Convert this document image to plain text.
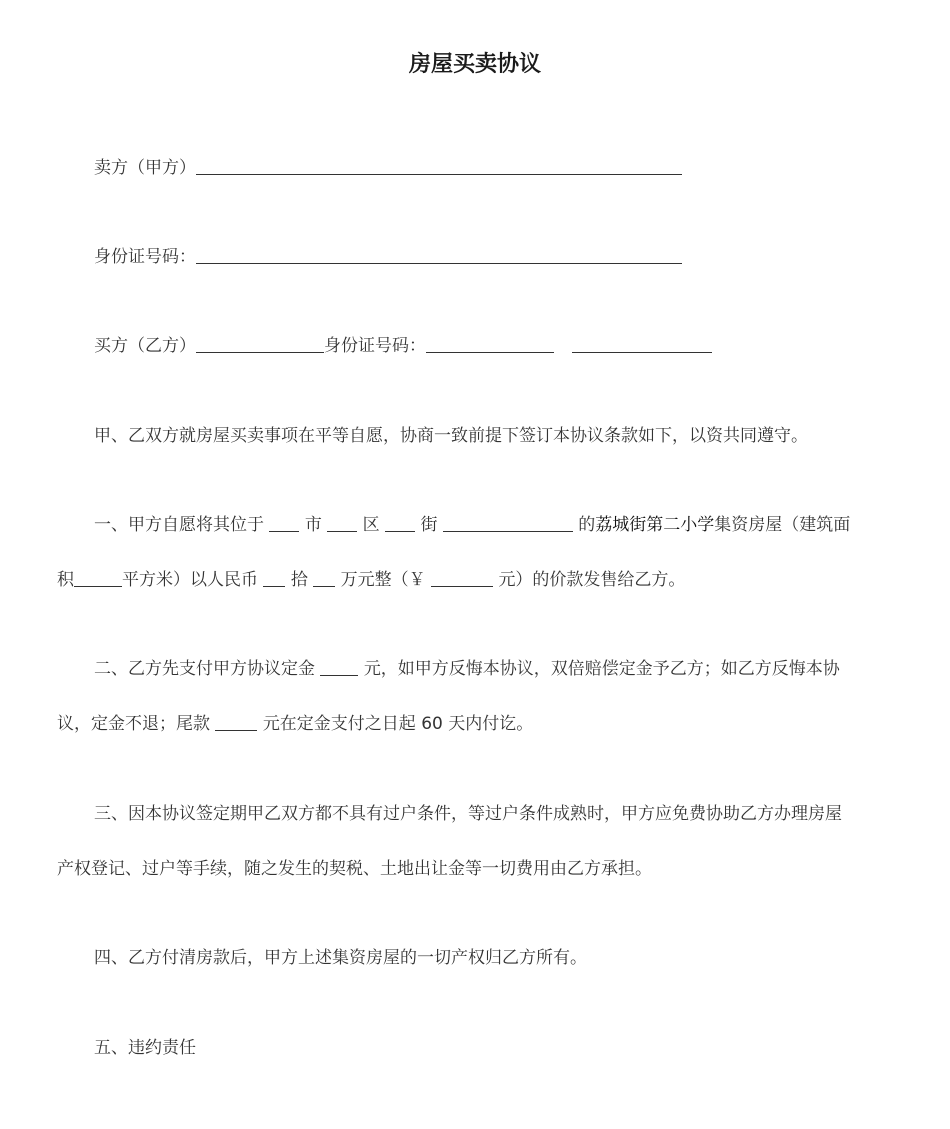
房屋买卖协议
卖方（甲方）
身份证号码：
买方（乙方）	身份证号码：
甲、乙双方就房屋买卖事项在平等自愿，协商一致前提下签订本协议条款如下，以资共同遵守。
一、甲方自愿将其位于 市 区 街	的荔城街第二小学集资房屋（建筑面
积	平方米）以人民币 拾 万元整（￥	元）的价款发售给乙方。
二、乙方先支付甲方协议定金	元，如甲方反悔本协议，双倍赔偿定金予乙方；如乙方反悔本协
议，定金不退；尾款	元在定金支付之日起 60 天内付讫。
三、因本协议签定期甲乙双方都不具有过户条件，等过户条件成熟时，甲方应免费协助乙方办理房屋
产权登记、过户等手续，随之发生的契税、土地出让金等一切费用由乙方承担。
四、乙方付清房款后，甲方上述集资房屋的一切产权归乙方所有。
五、违约责任
